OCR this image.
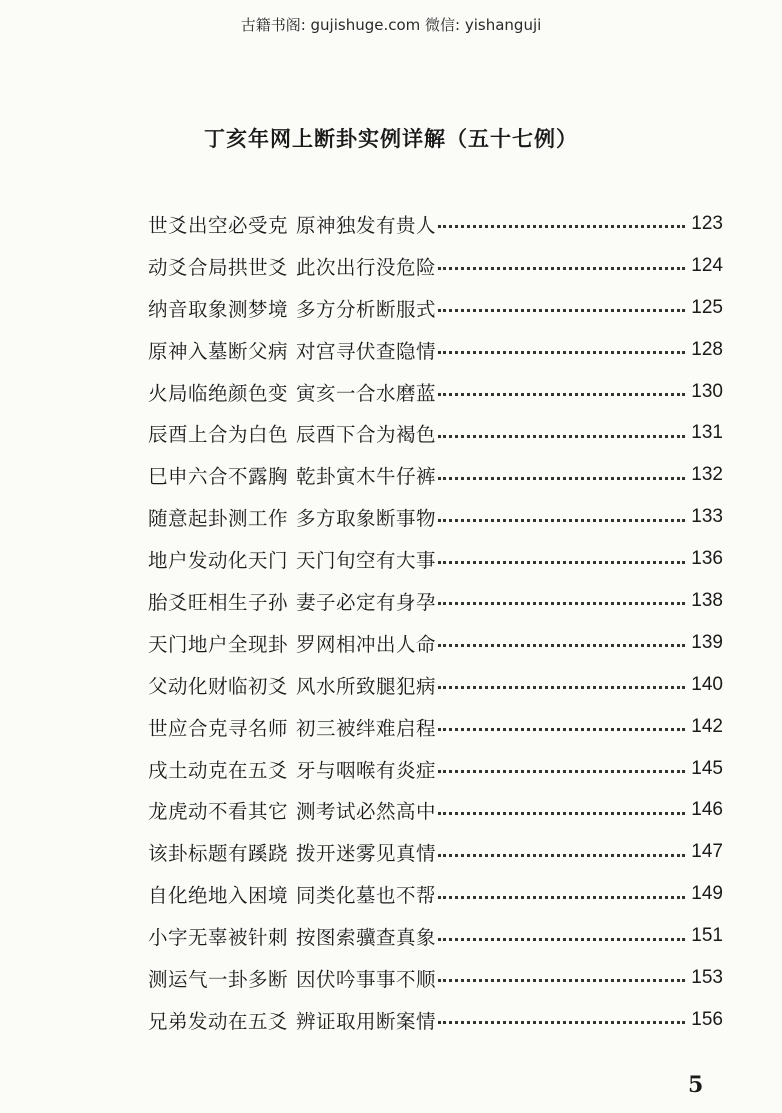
古籍书阁: gujishuge.com 微信: yishanguji
丁亥年网上断卦实例详解（五十七例）
世爻出空必受克 原神独发有贵人	123
动爻合局拱世爻 此次出行没危险	124
纳音取象测梦境 多方分析断服式	125
原神入墓断父病 对宫寻伏查隐情	128
火局临绝颜色变 寅亥一合水磨蓝	130
辰酉上合为白色 辰酉下合为褐色	131
巳申六合不露胸 乾卦寅木牛仔裤	132
随意起卦测工作 多方取象断事物	133
地户发动化天门 天门旬空有大事	136
胎爻旺相生子孙 妻子必定有身孕	138
天门地户全现卦 罗网相冲出人命	139
父动化财临初爻 风水所致腿犯病	140
世应合克寻名师 初三被绊难启程	142
戌土动克在五爻 牙与咽喉有炎症	145
龙虎动不看其它 测考试必然高中	146
该卦标题有蹊跷 拨开迷雾见真情	147
自化绝地入困境 同类化墓也不帮	149
小字无辜被针刺 按图索骥查真象	151
测运气一卦多断 因伏吟事事不顺	153
兄弟发动在五爻 辨证取用断案情	156
5
